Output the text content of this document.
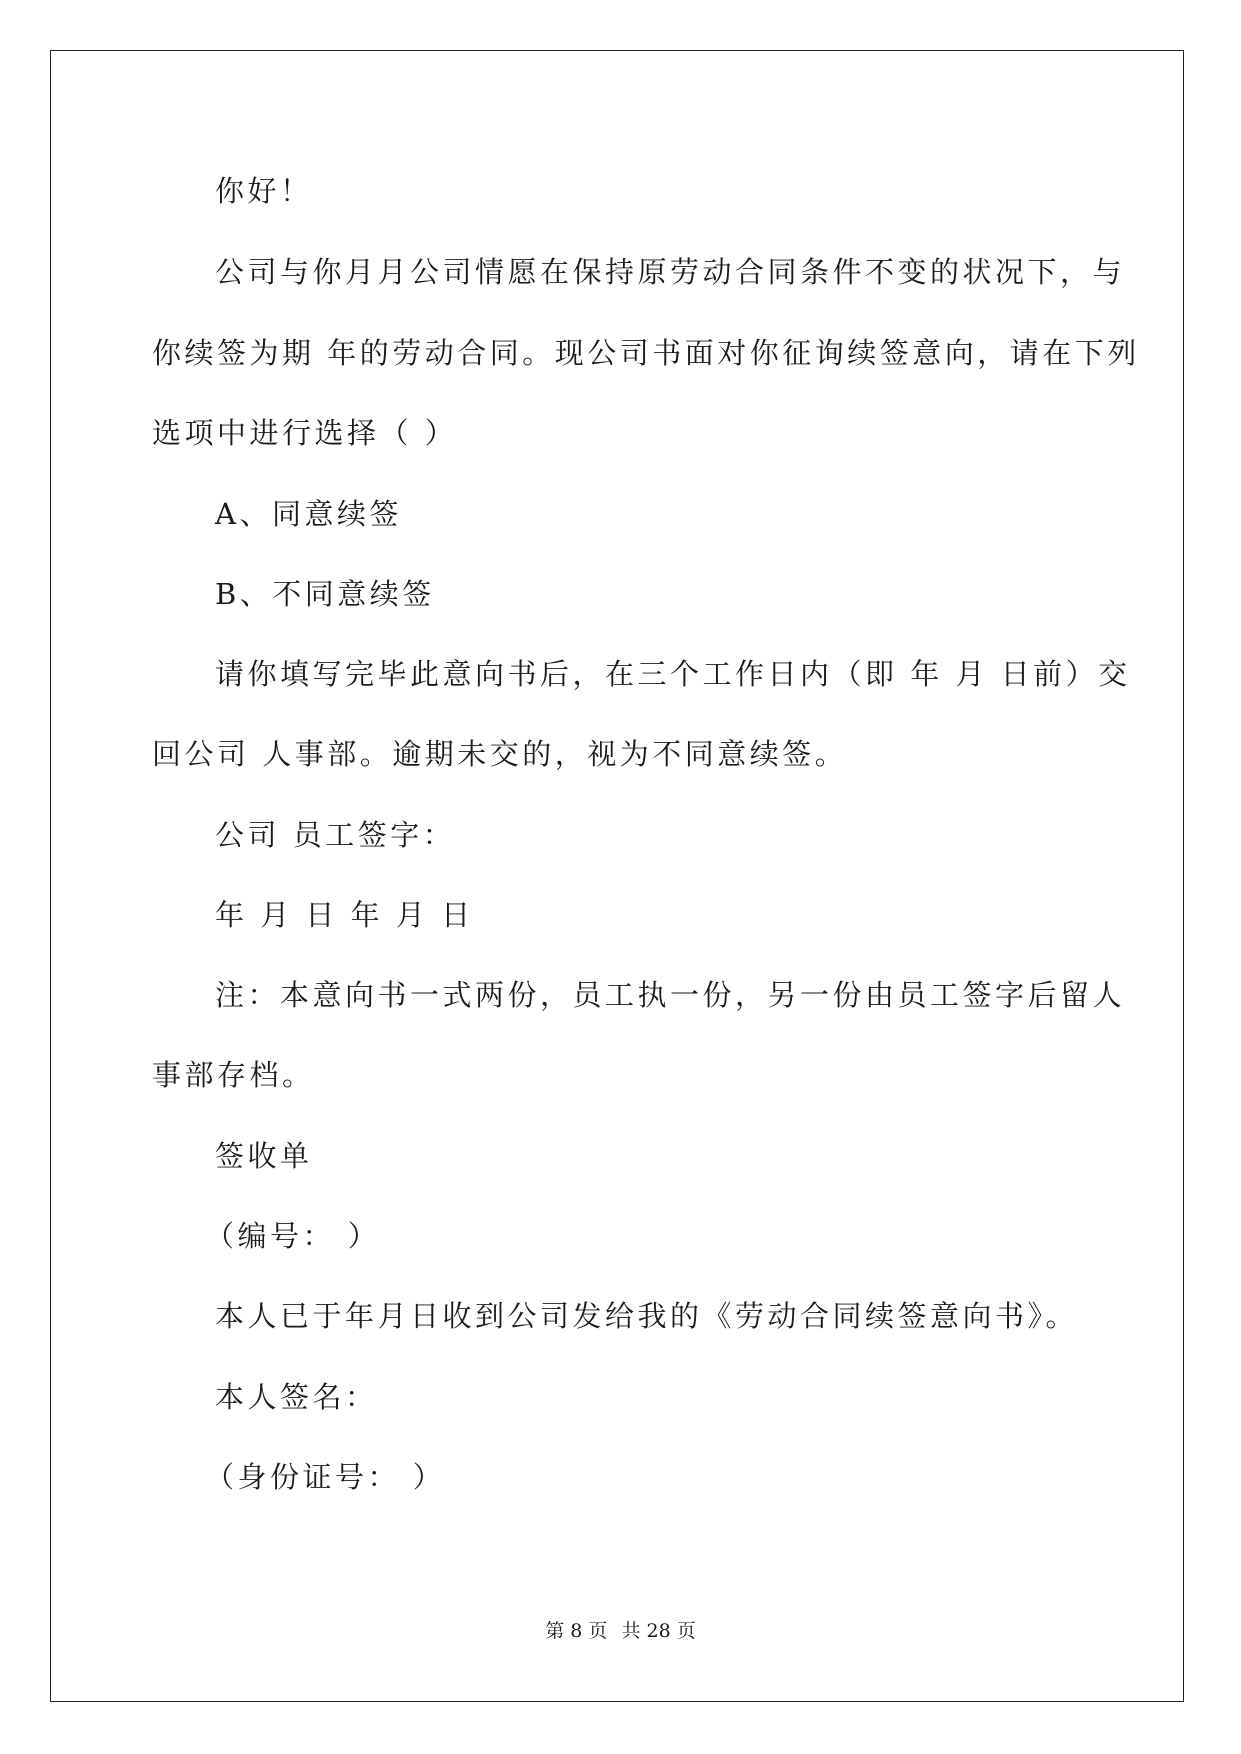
你好！
公司与你月月公司情愿在保持原劳动合同条件不变的状况下，与
你续签为期 年的劳动合同。现公司书面对你征询续签意向，请在下列
选项中进行选择（ ）
A、同意续签
B、不同意续签
请你填写完毕此意向书后，在三个工作日内（即 年 月 日前）交
回公司 人事部。逾期未交的，视为不同意续签。
公司 员工签字：
年 月 日 年 月 日
注：本意向书一式两份，员工执一份，另一份由员工签字后留人
事部存档。
签收单
（编号： ）
本人已于年月日收到公司发给我的《劳动合同续签意向书》。
本人签名：
（身份证号： ）
第 8 页 共 28 页
